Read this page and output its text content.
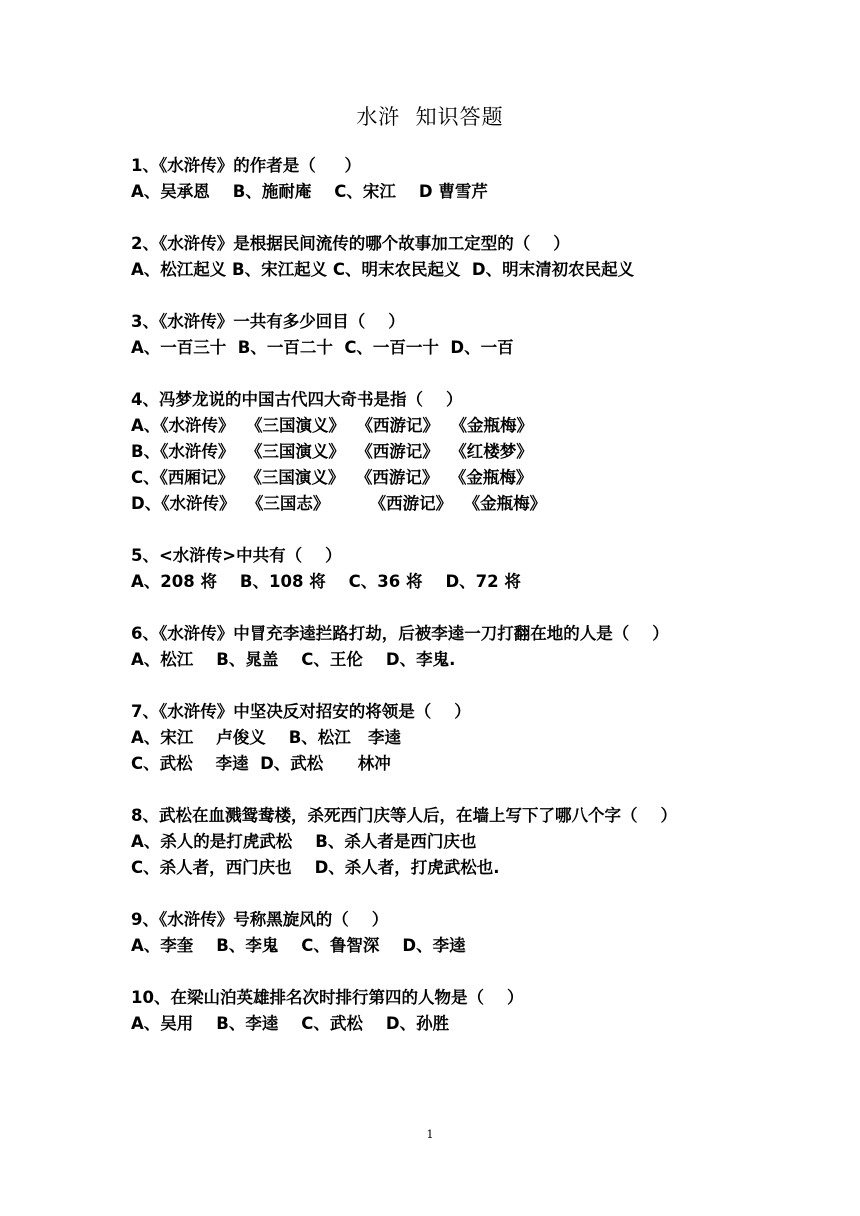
水浒  知识答题
1、《水浒传》的作者是（     ）
A、吴承恩    B、施耐庵    C、宋江    D 曹雪芹
2、《水浒传》是根据民间流传的哪个故事加工定型的（    ）
A、松江起义 B、宋江起义 C、明末农民起义  D、明末清初农民起义
3、《水浒传》一共有多少回目（    ）
A、一百三十  B、一百二十  C、一百一十  D、一百
4、冯梦龙说的中国古代四大奇书是指（    ）
A、《水浒传》  《三国演义》  《西游记》  《金瓶梅》
B、《水浒传》  《三国演义》  《西游记》  《红楼梦》
C、《西厢记》  《三国演义》  《西游记》  《金瓶梅》
D、《水浒传》  《三国志》       《西游记》  《金瓶梅》
5、<水浒传>中共有（    ）
A、208 将    B、108 将    C、36 将    D、72 将
6、《水浒传》中冒充李逵拦路打劫，后被李逵一刀打翻在地的人是（    ）
A、松江    B、晁盖    C、王伦    D、李鬼.
7、《水浒传》中坚决反对招安的将领是（    ）
A、宋江    卢俊义    B、松江   李逵
C、武松    李逵  D、武松      林冲
8、武松在血溅鸳鸯楼，杀死西门庆等人后，在墙上写下了哪八个字（    ）
A、杀人的是打虎武松    B、杀人者是西门庆也
C、杀人者，西门庆也    D、杀人者，打虎武松也.
9、《水浒传》号称黑旋风的（    ）
A、李奎    B、李鬼    C、鲁智深    D、李逵
10、在梁山泊英雄排名次时排行第四的人物是（    ）
A、吴用    B、李逵    C、武松    D、孙胜
1
